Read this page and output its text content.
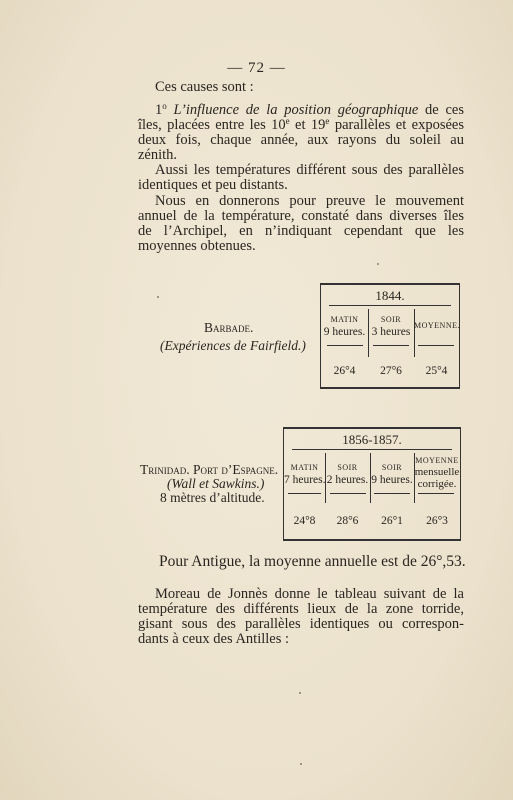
— 72 —
Ces causes sont :
1$^o$ L’influence de la position géographique de ces
îles, placées entre les 10e et 19e parallèles et exposées
deux fois, chaque année, aux rayons du soleil au
zénith.
Aussi les températures différent sous des parallèles
identiques et peu distants.
Nous en donnerons pour preuve le mouvement
annuel de la température, constaté dans diverses îles
de l’Archipel, en n’indiquant cependant que les
moyennes obtenues.
Barbade.
(Expériences de Fairfield.)
1844.
MATIN
9 heures.
26°4
SOIR
3 heures
27°6
MOYENNE.
25°4
Trinidad. Port d’Espagne.
(Wall et Sawkins.)
8 mètres d’altitude.
1856-1857.
MATIN
7 heures.
24°8
SOIR
2 heures.
28°6
SOIR
9 heures.
26°1
MOYENNE
mensuelle
corrigée.
26°3
Pour Antigue, la moyenne annuelle est de 26°,53.
Moreau de Jonnès donne le tableau suivant de la
température des différents lieux de la zone torride,
gisant sous des parallèles identiques ou correspon-
dants à ceux des Antilles :
